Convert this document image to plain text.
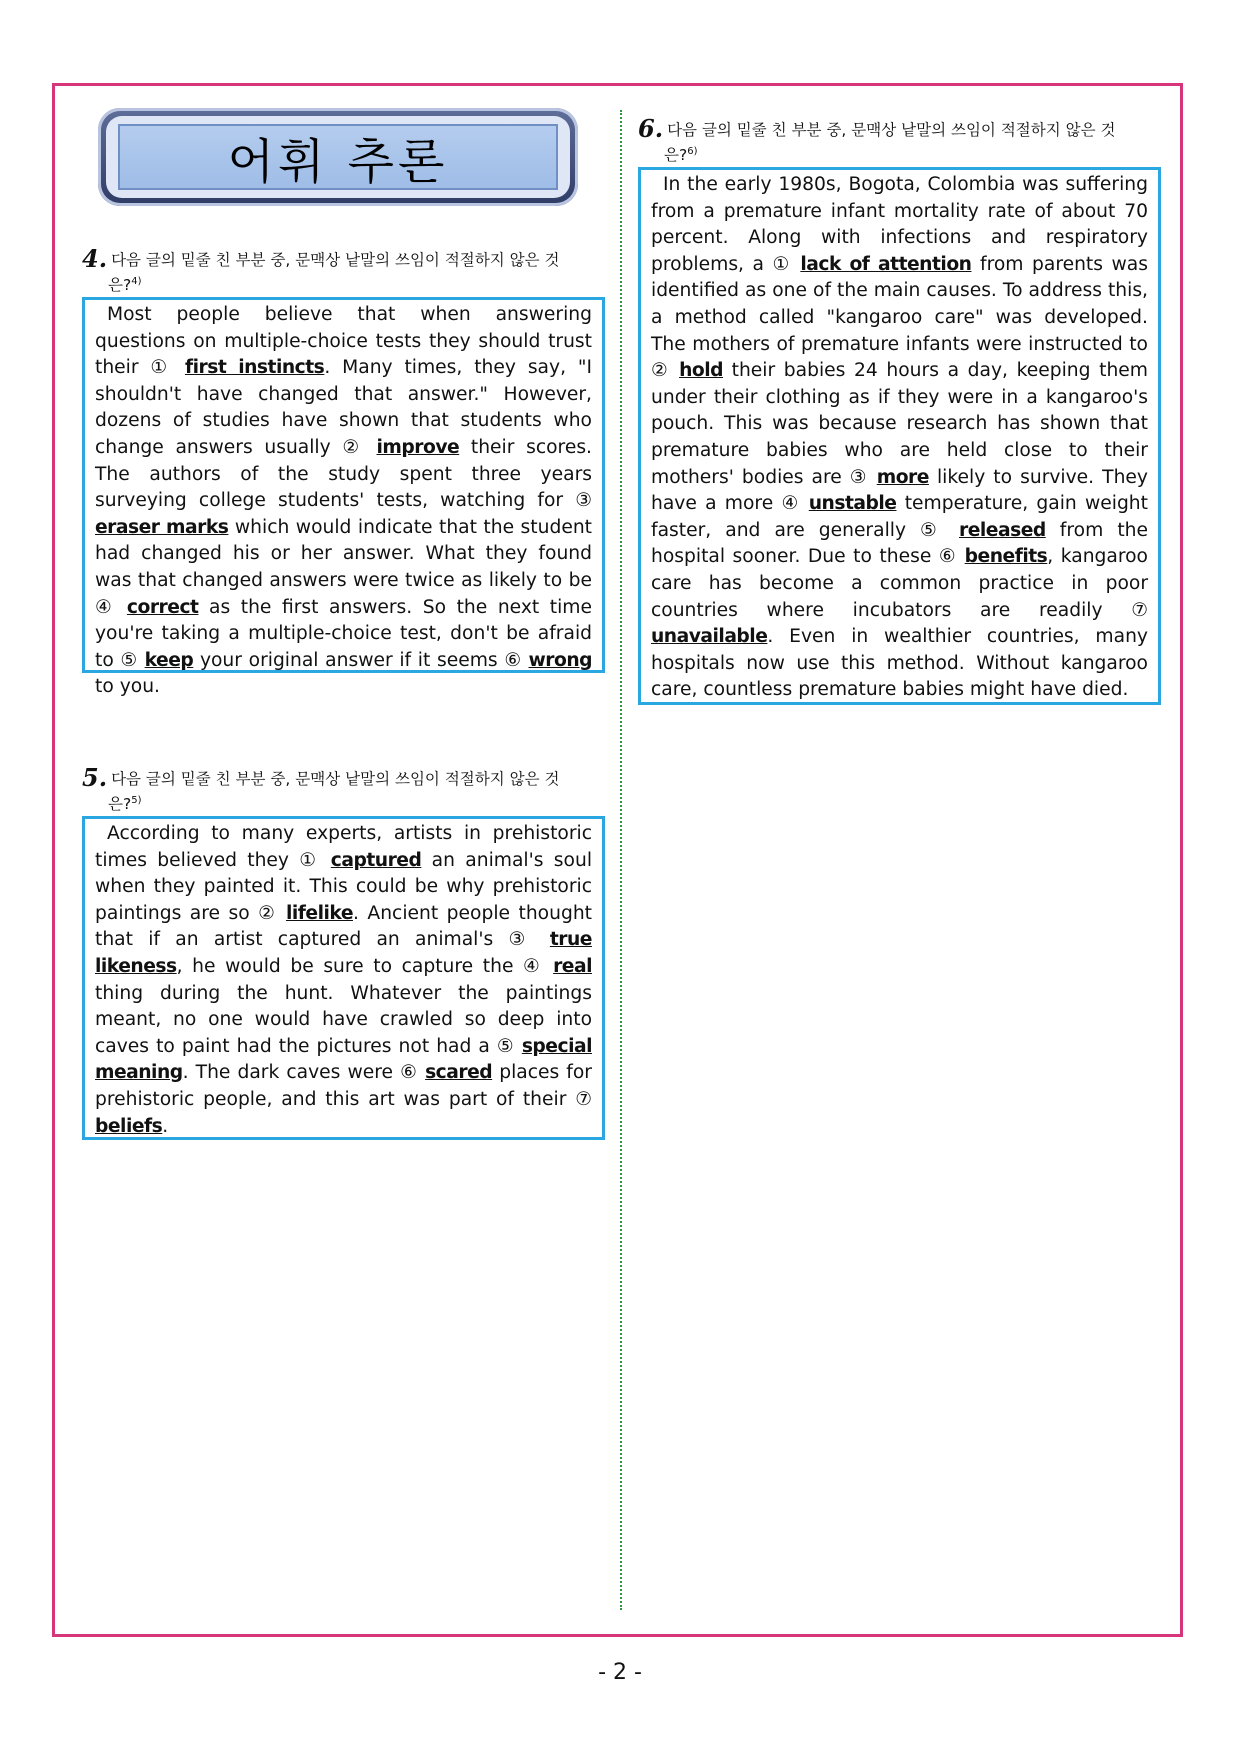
어휘 추론
4. 다음 글의 밑줄 친 부분 중, 문맥상 낱말의 쓰임이 적절하지 않은 것
은?$^{4)}$
Most people believe that when answering questions on multiple-choice tests they should trust their ① first instincts. Many times, they say, "I shouldn't have changed that answer." However, dozens of studies have shown that students who change answers usually ② improve their scores. The authors of the study spent three years surveying college students' tests, watching for ③ eraser marks which would indicate that the student had changed his or her answer. What they found was that changed answers were twice as likely to be ④ correct as the first answers. So the next time you're taking a multiple-choice test, don't be afraid to ⑤ keep your original answer if it seems ⑥ wrong to you.
5. 다음 글의 밑줄 친 부분 중, 문맥상 낱말의 쓰임이 적절하지 않은 것
은?$^{5)}$
According to many experts, artists in prehistoric times believed they ① captured an animal's soul when they painted it. This could be why prehistoric paintings are so ② lifelike. Ancient people thought that if an artist captured an animal's ③ true likeness, he would be sure to capture the ④ real thing during the hunt. Whatever the paintings meant, no one would have crawled so deep into caves to paint had the pictures not had a ⑤ special meaning. The dark caves were ⑥ scared places for prehistoric people, and this art was part of their ⑦ beliefs.
6. 다음 글의 밑줄 친 부분 중, 문맥상 낱말의 쓰임이 적절하지 않은 것
은?$^{6)}$
In the early 1980s, Bogota, Colombia was suffering from a premature infant mortality rate of about 70 percent. Along with infections and respiratory problems, a ① lack of attention from parents was identified as one of the main causes. To address this, a method called "kangaroo care" was developed. The mothers of premature infants were instructed to ② hold their babies 24 hours a day, keeping them under their clothing as if they were in a kangaroo's pouch. This was because research has shown that premature babies who are held close to their mothers' bodies are ③ more likely to survive. They have a more ④ unstable temperature, gain weight faster, and are generally ⑤ released from the hospital sooner. Due to these ⑥ benefits, kangaroo care has become a common practice in poor countries where incubators are readily ⑦ unavailable. Even in wealthier countries, many hospitals now use this method. Without kangaroo care, countless premature babies might have died.
- 2 -
